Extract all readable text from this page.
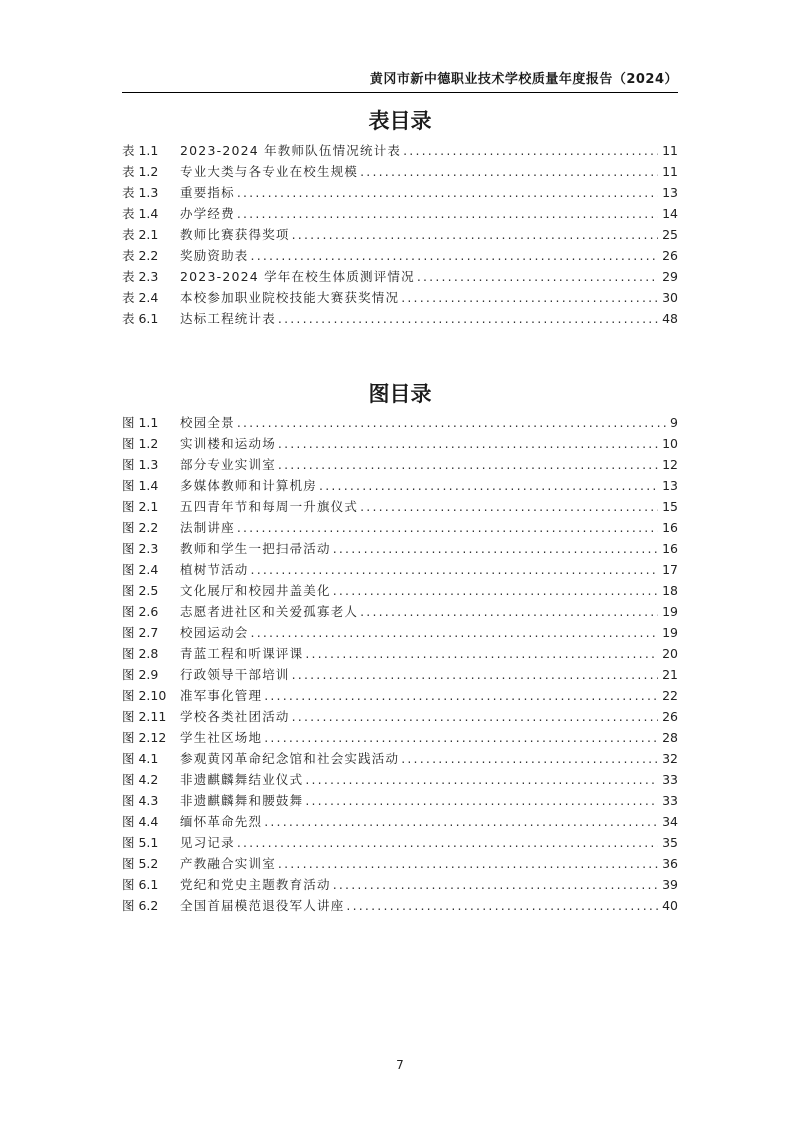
黄冈市新中德职业技术学校质量年度报告（2024）
表目录
表 1.1	2023-2024 年教师队伍情况统计表 .....	11
表 1.2	专业大类与各专业在校生规模 .....	11
表 1.3	重要指标 .....	13
表 1.4	办学经费 .....	14
表 2.1	教师比赛获得奖项 .....	25
表 2.2	奖励资助表 .....	26
表 2.3	2023-2024 学年在校生体质测评情况 .....	29
表 2.4	本校参加职业院校技能大赛获奖情况 .....	30
表 6.1	达标工程统计表 .....	48
图目录
图 1.1	校园全景 .....	9
图 1.2	实训楼和运动场 .....	10
图 1.3	部分专业实训室 .....	12
图 1.4	多媒体教师和计算机房 .....	13
图 2.1	五四青年节和每周一升旗仪式 .....	15
图 2.2	法制讲座 .....	16
图 2.3	教师和学生一把扫帚活动 .....	16
图 2.4	植树节活动 .....	17
图 2.5	文化展厅和校园井盖美化 .....	18
图 2.6	志愿者进社区和关爱孤寡老人 .....	19
图 2.7	校园运动会 .....	19
图 2.8	青蓝工程和听课评课 .....	20
图 2.9	行政领导干部培训 .....	21
图 2.10	准军事化管理 .....	22
图 2.11	学校各类社团活动 .....	26
图 2.12	学生社区场地 .....	28
图 4.1	参观黄冈革命纪念馆和社会实践活动 .....	32
图 4.2	非遗麒麟舞结业仪式 .....	33
图 4.3	非遗麒麟舞和腰鼓舞 .....	33
图 4.4	缅怀革命先烈 .....	34
图 5.1	见习记录 .....	35
图 5.2	产教融合实训室 .....	36
图 6.1	党纪和党史主题教育活动 .....	39
图 6.2	全国首届模范退役军人讲座 .....	40
7
